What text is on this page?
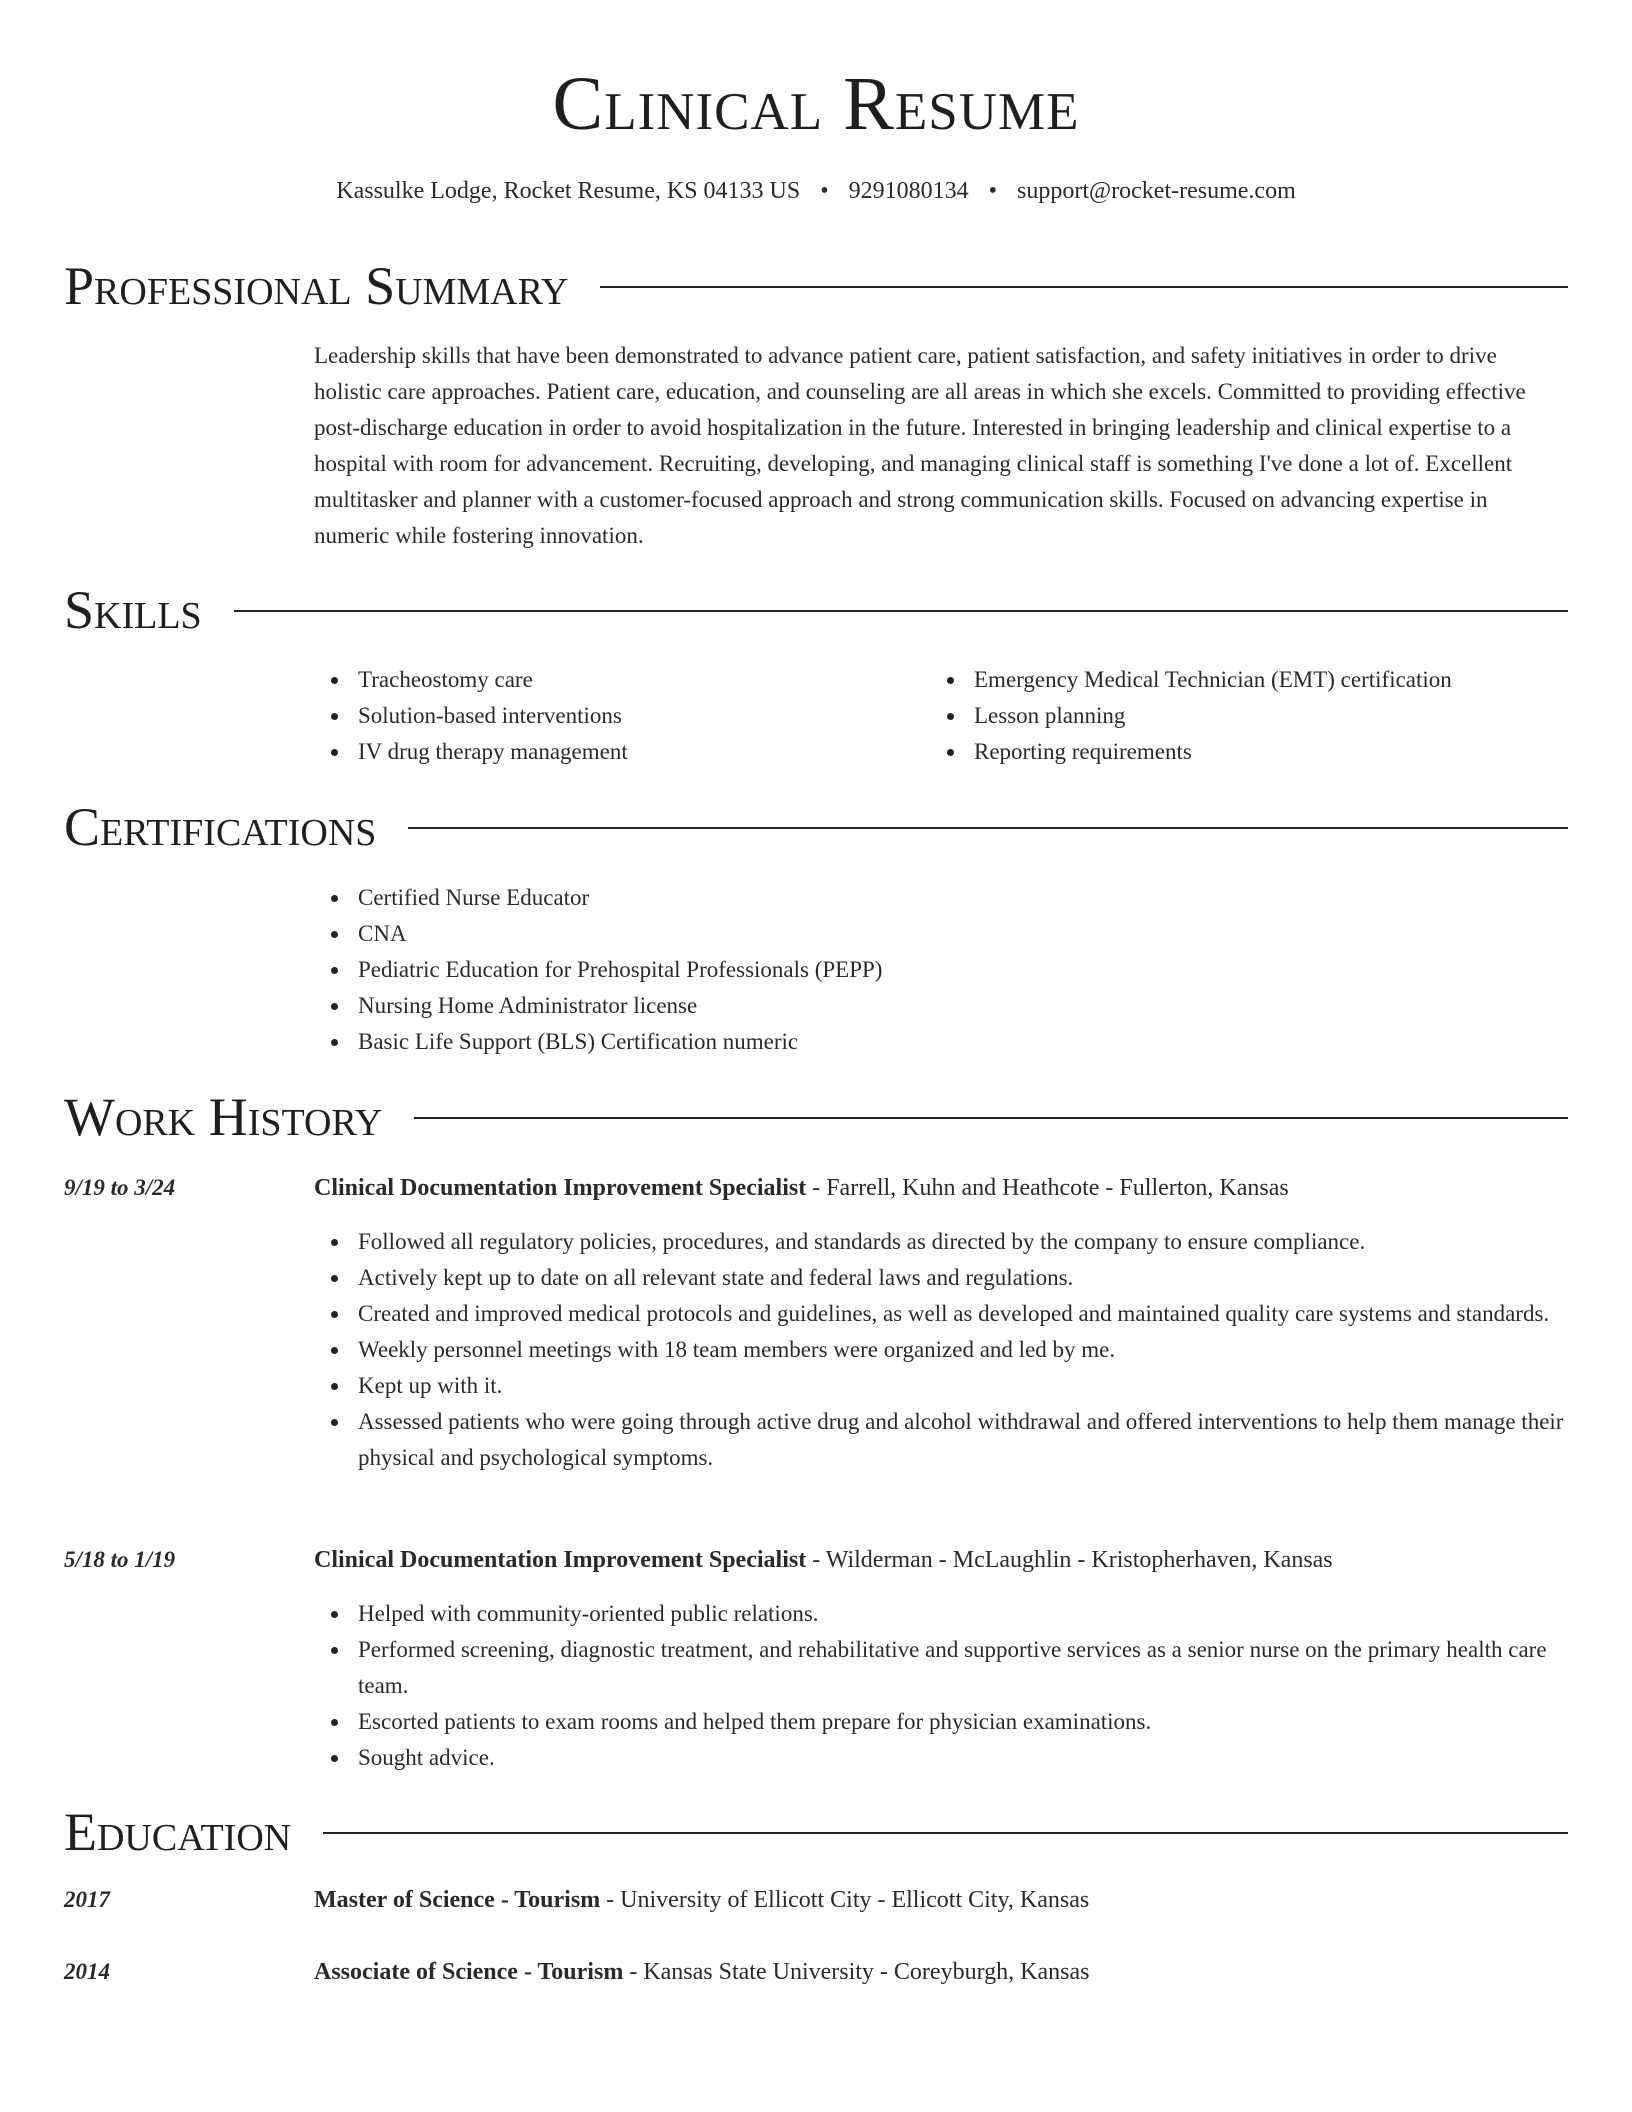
Clinical Resume
Kassulke Lodge, Rocket Resume, KS 04133 US • 9291080134 • support@rocket-resume.com
Professional Summary
Leadership skills that have been demonstrated to advance patient care, patient satisfaction, and safety initiatives in order to drive holistic care approaches. Patient care, education, and counseling are all areas in which she excels. Committed to providing effective post-discharge education in order to avoid hospitalization in the future. Interested in bringing leadership and clinical expertise to a hospital with room for advancement. Recruiting, developing, and managing clinical staff is something I've done a lot of. Excellent multitasker and planner with a customer-focused approach and strong communication skills. Focused on advancing expertise in numeric while fostering innovation.
Skills
Tracheostomy care
Solution-based interventions
IV drug therapy management
Emergency Medical Technician (EMT) certification
Lesson planning
Reporting requirements
Certifications
Certified Nurse Educator
CNA
Pediatric Education for Prehospital Professionals (PEPP)
Nursing Home Administrator license
Basic Life Support (BLS) Certification numeric
Work History
9/19 to 3/24	Clinical Documentation Improvement Specialist - Farrell, Kuhn and Heathcote - Fullerton, Kansas
Followed all regulatory policies, procedures, and standards as directed by the company to ensure compliance.
Actively kept up to date on all relevant state and federal laws and regulations.
Created and improved medical protocols and guidelines, as well as developed and maintained quality care systems and standards.
Weekly personnel meetings with 18 team members were organized and led by me.
Kept up with it.
Assessed patients who were going through active drug and alcohol withdrawal and offered interventions to help them manage their physical and psychological symptoms.
5/18 to 1/19	Clinical Documentation Improvement Specialist - Wilderman - McLaughlin - Kristopherhaven, Kansas
Helped with community-oriented public relations.
Performed screening, diagnostic treatment, and rehabilitative and supportive services as a senior nurse on the primary health care team.
Escorted patients to exam rooms and helped them prepare for physician examinations.
Sought advice.
Education
2017	Master of Science - Tourism - University of Ellicott City - Ellicott City, Kansas
2014	Associate of Science - Tourism - Kansas State University - Coreyburgh, Kansas
